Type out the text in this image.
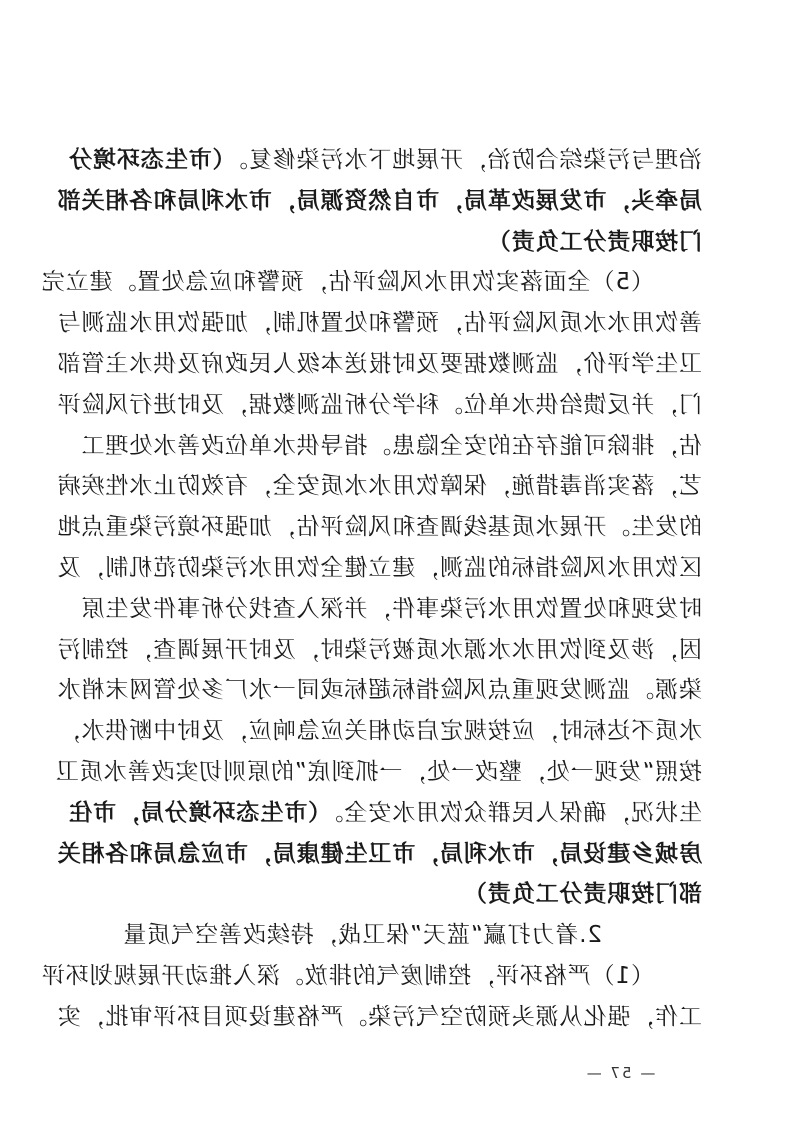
治理与污染综合防治，开展地下水污染修复。（市生态环境分
局牵头，市发展改革局，市自然资源局，市水利局和各相关部
门按职责分工负责）
（5）全面落实饮用水风险评估，预警和应急处置。建立完
善饮用水水质风险评估，预警和处置机制，加强饮用水监测与
卫生学评价，监测数据要及时报送本级人民政府及供水主管部
门，并反馈给供水单位。科学分析监测数据，及时进行风险评
估，排除可能存在的安全隐患。指导供水单位改善水处理工
艺，落实消毒措施，保障饮用水水质安全，有效防止水性疾病
的发生。开展水质基线调查和风险评估，加强环境污染重点地
区饮用水风险指标的监测，建立健全饮用水污染防范机制，及
时发现和处置饮用水污染事件，并深入查找分析事件发生原
因，涉及到饮用水水源水质被污染时，及时开展调查，控制污
染源。监测发现重点风险指标超标或同一水厂多处管网末梢水
水质不达标时，应按规定启动相关应急响应，及时中断供水，
按照“发现一处，整改一处，一抓到底”的原则切实改善水质卫
生状况，确保人民群众饮用水安全。（市生态环境分局，市住
房城乡建设局，市水利局，市卫生健康局，市应急局和各相关
部门按职责分工负责）
2.着力打赢“蓝天”保卫战，持续改善空气质量
（1）严格环评，控制废气的排放。深入推动开展规划环评
工作，强化从源头预防空气污染。严格建设项目环评审批，实
— 57 —
